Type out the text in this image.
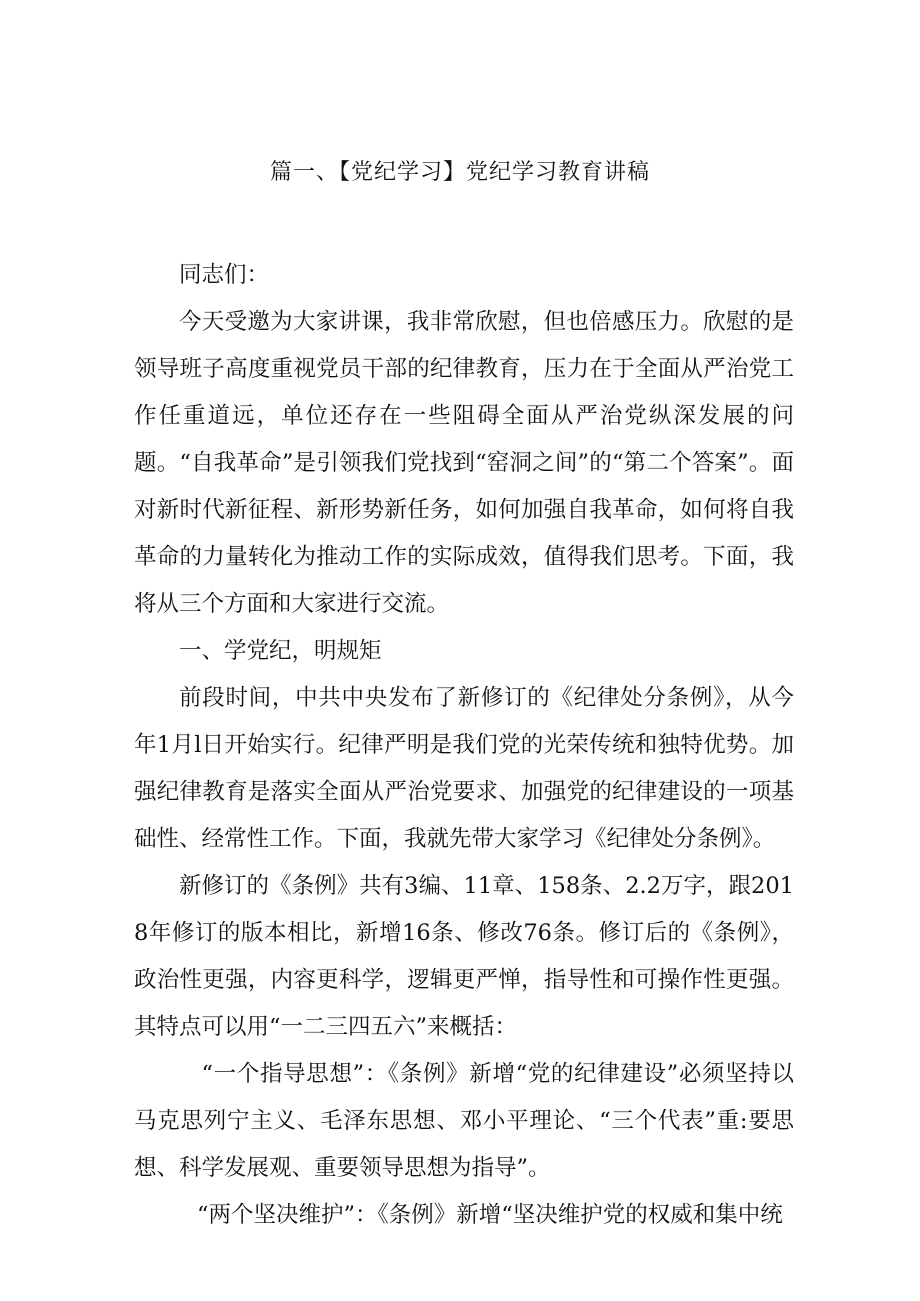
篇一、【党纪学习】党纪学习教育讲稿

同志们：

今天受邀为大家讲课，我非常欣慰，但也倍感压力。欣慰的是领导班子高度重视党员干部的纪律教育，压力在于全面从严治党工作任重道远，单位还存在一些阻碍全面从严治党纵深发展的问题。“自我革命”是引领我们党找到“窑洞之间”的“第二个答案”。面对新时代新征程、新形势新任务，如何加强自我革命，如何将自我革命的力量转化为推动工作的实际成效，值得我们思考。下面，我将从三个方面和大家进行交流。

一、学党纪，明规矩

前段时间，中共中央发布了新修订的《纪律处分条例》，从今年1月l日开始实行。纪律严明是我们党的光荣传统和独特优势。加强纪律教育是落实全面从严治党要求、加强党的纪律建设的一项基础性、经常性工作。下面，我就先带大家学习《纪律处分条例》。

新修订的《条例》共有3编、11章、158条、2.2万字，跟2018年修订的版本相比，新增16条、修改76条。修订后的《条例》，政治性更强，内容更科学，逻辑更严惮，指导性和可操作性更强。其特点可以用“一二三四五六”来概括：

“一个指导思想”：《条例》新增“党的纪律建设”必须坚持以马克思列宁主义、毛泽东思想、邓小平理论、“三个代表”重:要思想、科学发展观、重要领导思想为指导”。

“两个坚决维护”：《条例》新增“坚决维护党的权威和集中统
